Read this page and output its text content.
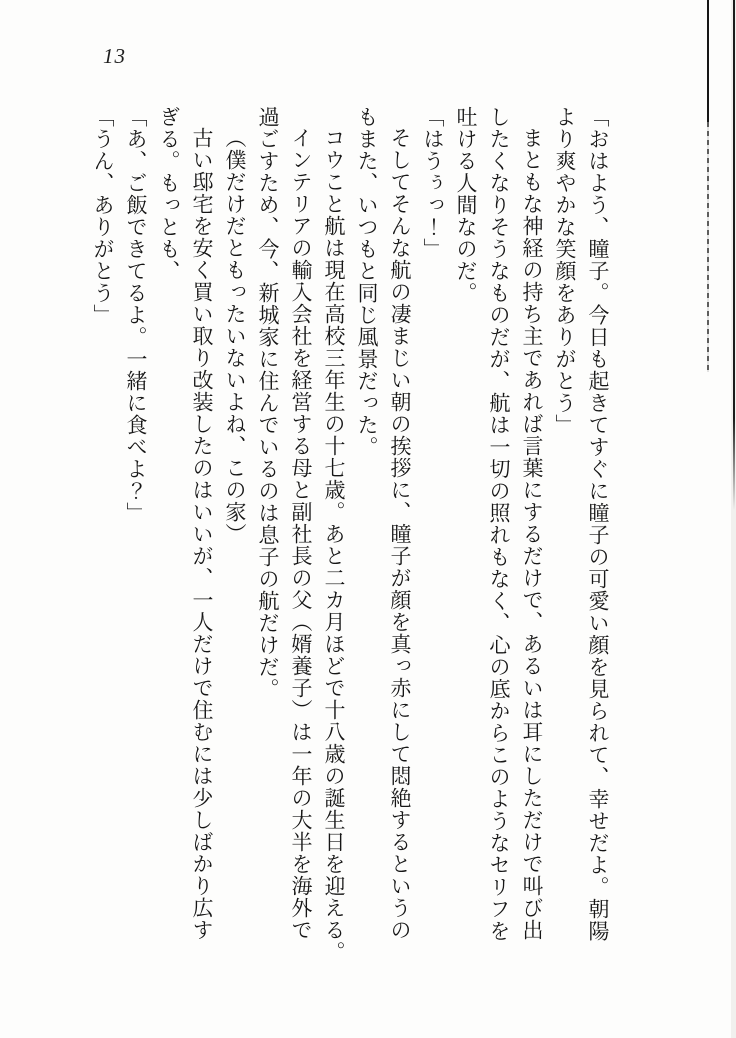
13

「おはよう、瞳子。今日も起きてすぐに瞳子の可愛い顔を見られて、幸せだよ。朝陽

より爽やかな笑顔をありがとう」

まともな神経の持ち主であれば言葉にするだけで、あるいは耳にしただけで叫び出

したくなりそうなものだが、航は一切の照れもなく、心の底からこのようなセリフを

吐ける人間なのだ。

「はうぅっ！」

そしてそんな航の凄まじい朝の挨拶に、瞳子が顔を真っ赤にして悶絶するというの

もまた、いつもと同じ風景だった。

コウこと航は現在高校三年生の十七歳。あと二カ月ほどで十八歳の誕生日を迎える。

インテリアの輸入会社を経営する母と副社長の父（婿養子）は一年の大半を海外で

過ごすため、今、新城家に住んでいるのは息子の航だけだ。

（僕だけだともったいないよね、この家）

古い邸宅を安く買い取り改装したのはいいが、一人だけで住むには少しばかり広す

ぎる。もっとも、

「あ、ご飯できてるよ。一緒に食べよ？」

「うん、ありがとう」
